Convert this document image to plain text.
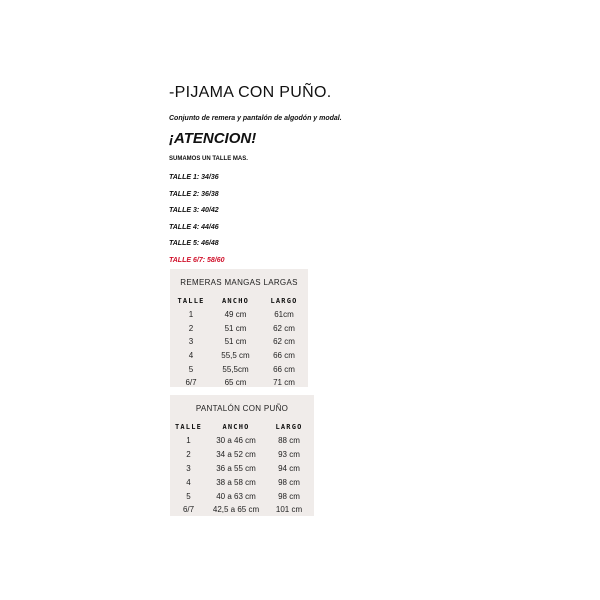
-PIJAMA CON PUÑO.
Conjunto de remera y pantalón de algodón y modal.
¡ATENCION!
SUMAMOS UN TALLE MAS.
TALLE 1: 34/36
TALLE 2: 36/38
TALLE 3: 40/42
TALLE 4: 44/46
TALLE 5: 46/48
TALLE 6/7: 58/60
REMERAS MANGAS LARGAS
TALLE	ANCHO	LARGO
1	49 cm	61cm
2	51 cm	62 cm
3	51 cm	62 cm
4	55,5 cm	66 cm
5	55,5cm	66 cm
6/7	65 cm	71 cm
PANTALÓN CON PUÑO
TALLE	ANCHO	LARGO
1	30 a 46 cm	88 cm
2	34 a 52 cm	93 cm
3	36 a 55 cm	94 cm
4	38 a 58 cm	98 cm
5	40 a 63 cm	98 cm
6/7	42,5 a 65 cm	101 cm
